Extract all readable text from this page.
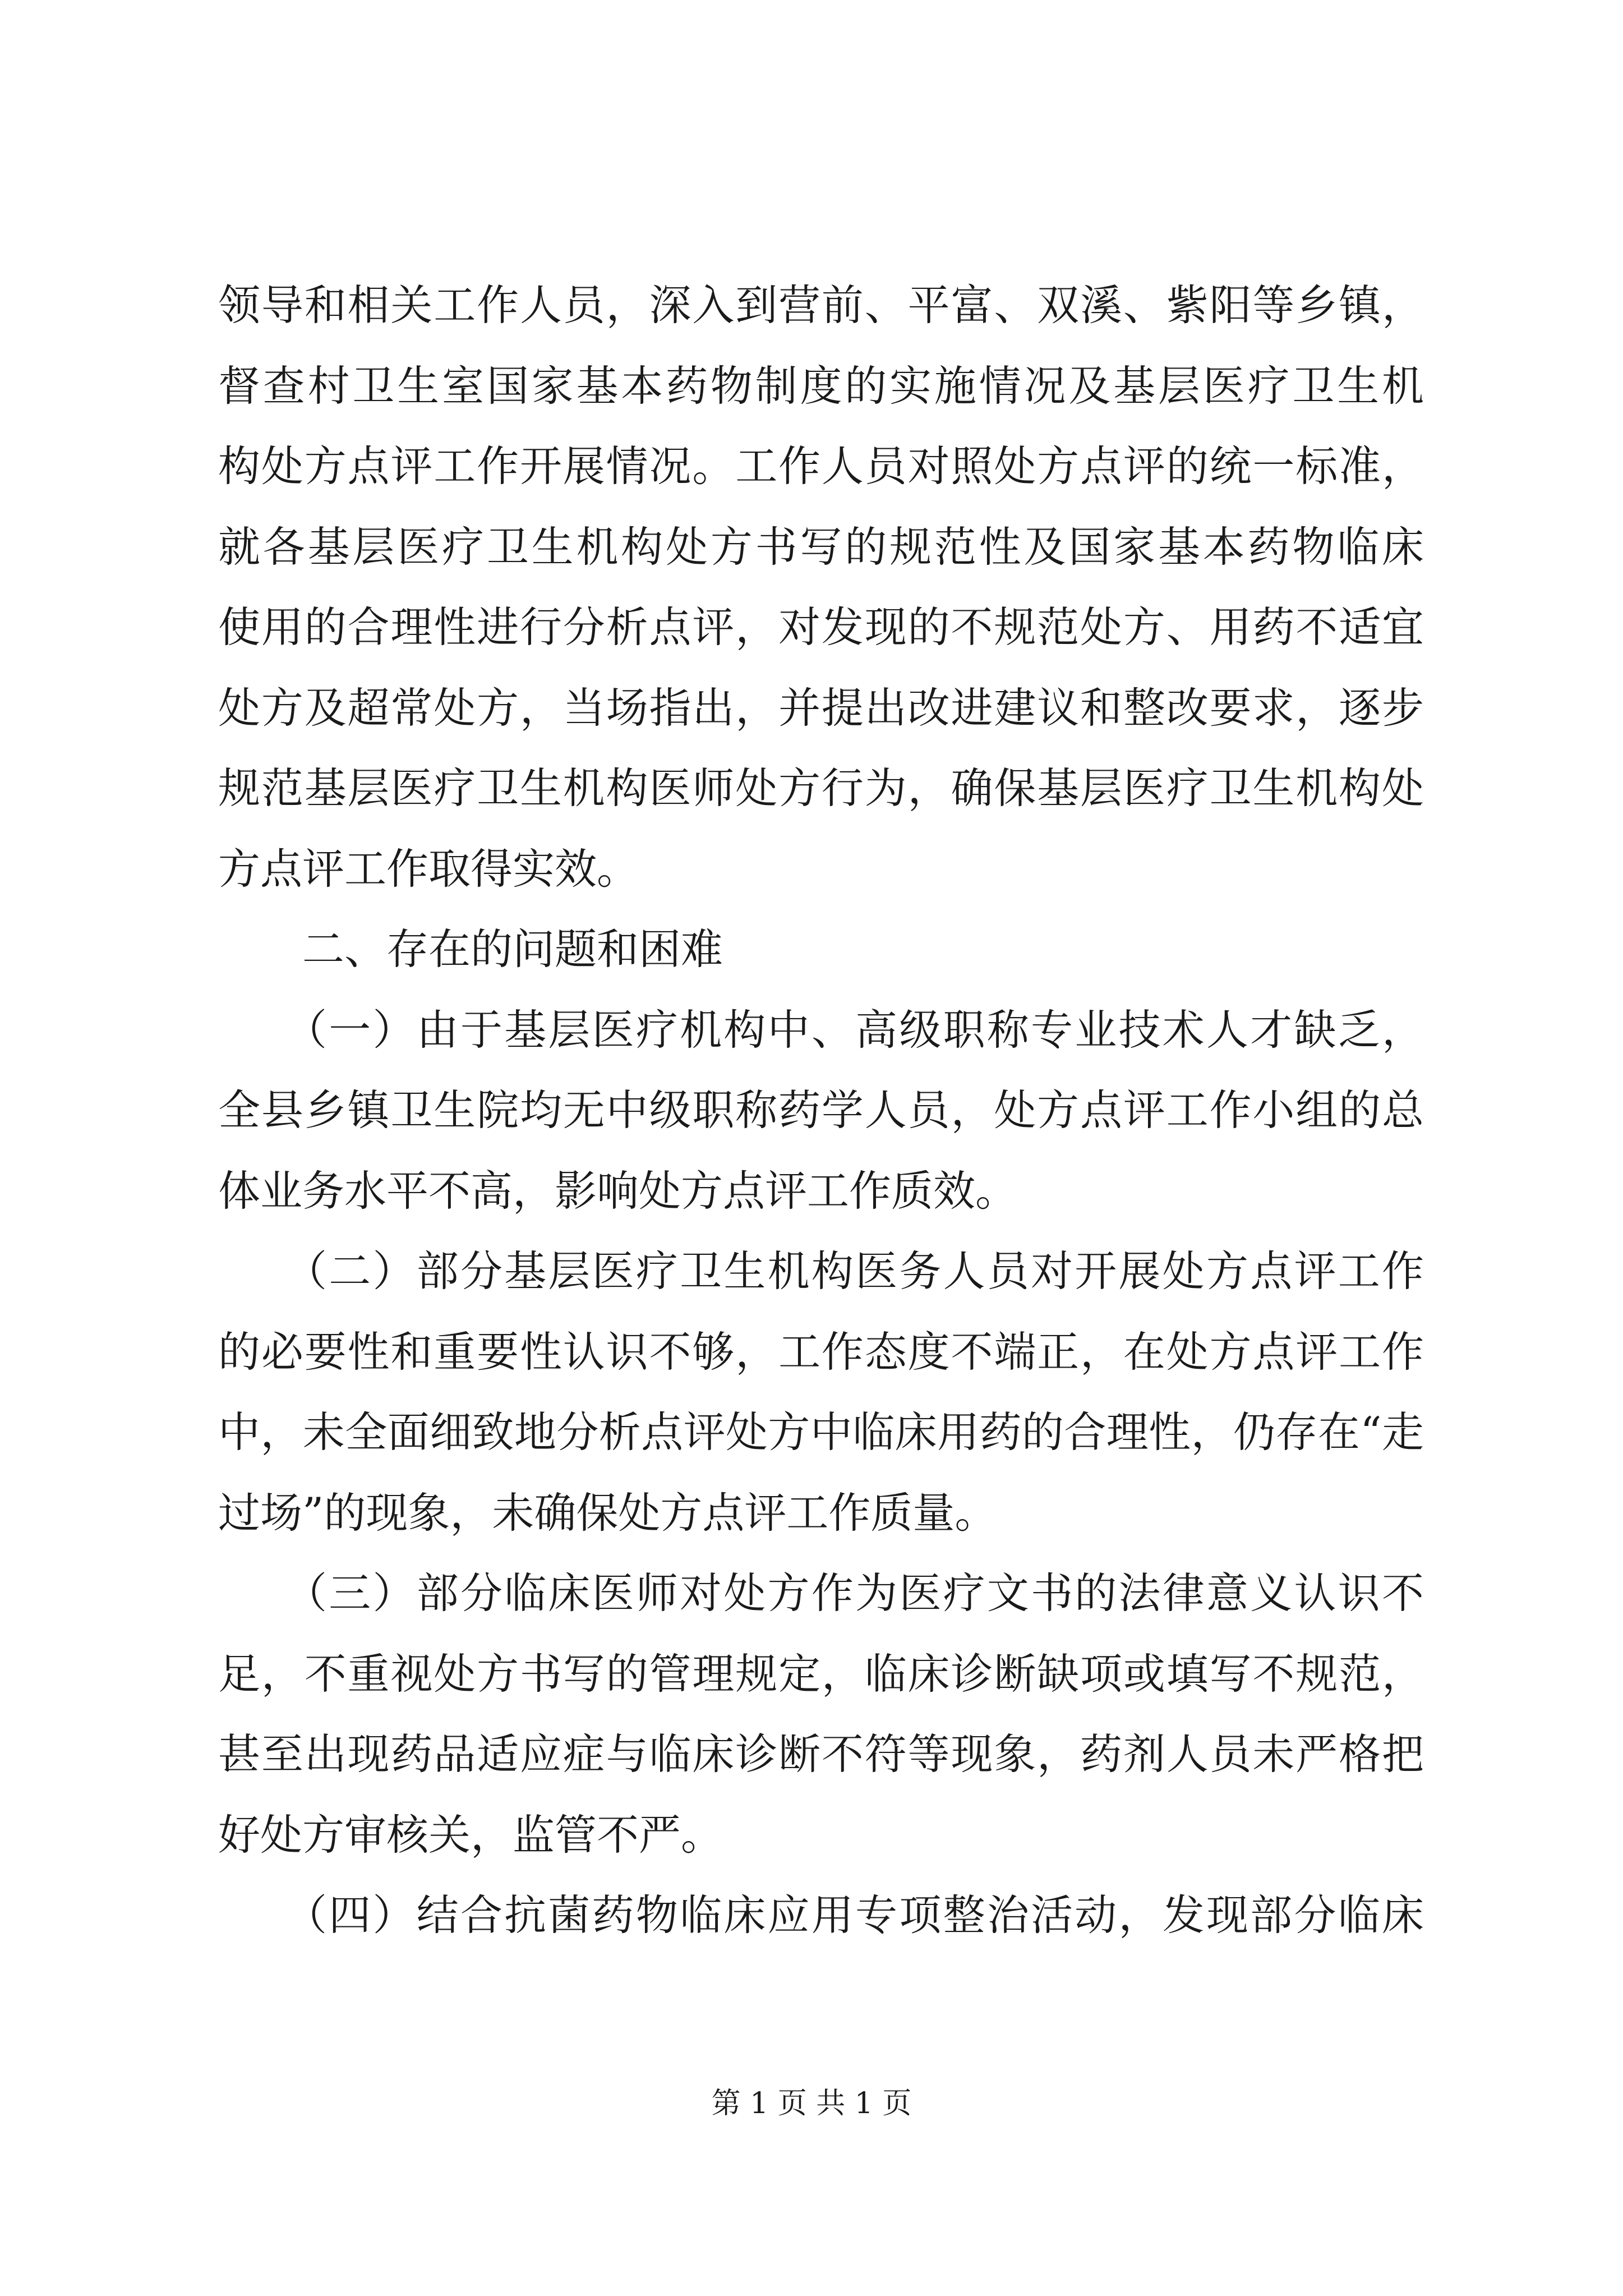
领导和相关工作人员，深入到营前、平富、双溪、紫阳等乡镇，
督查村卫生室国家基本药物制度的实施情况及基层医疗卫生机
构处方点评工作开展情况。工作人员对照处方点评的统一标准，
就各基层医疗卫生机构处方书写的规范性及国家基本药物临床
使用的合理性进行分析点评，对发现的不规范处方、用药不适宜
处方及超常处方，当场指出，并提出改进建议和整改要求，逐步
规范基层医疗卫生机构医师处方行为，确保基层医疗卫生机构处
方点评工作取得实效。

　　二、存在的问题和困难

　　（一）由于基层医疗机构中、高级职称专业技术人才缺乏，
全县乡镇卫生院均无中级职称药学人员，处方点评工作小组的总
体业务水平不高，影响处方点评工作质效。

　　（二）部分基层医疗卫生机构医务人员对开展处方点评工作
的必要性和重要性认识不够，工作态度不端正，在处方点评工作
中，未全面细致地分析点评处方中临床用药的合理性，仍存在“走
过场”的现象，未确保处方点评工作质量。

　　（三）部分临床医师对处方作为医疗文书的法律意义认识不
足，不重视处方书写的管理规定，临床诊断缺项或填写不规范，
甚至出现药品适应症与临床诊断不符等现象，药剂人员未严格把
好处方审核关，监管不严。

　　（四）结合抗菌药物临床应用专项整治活动，发现部分临床

第 1 页 共 1 页
